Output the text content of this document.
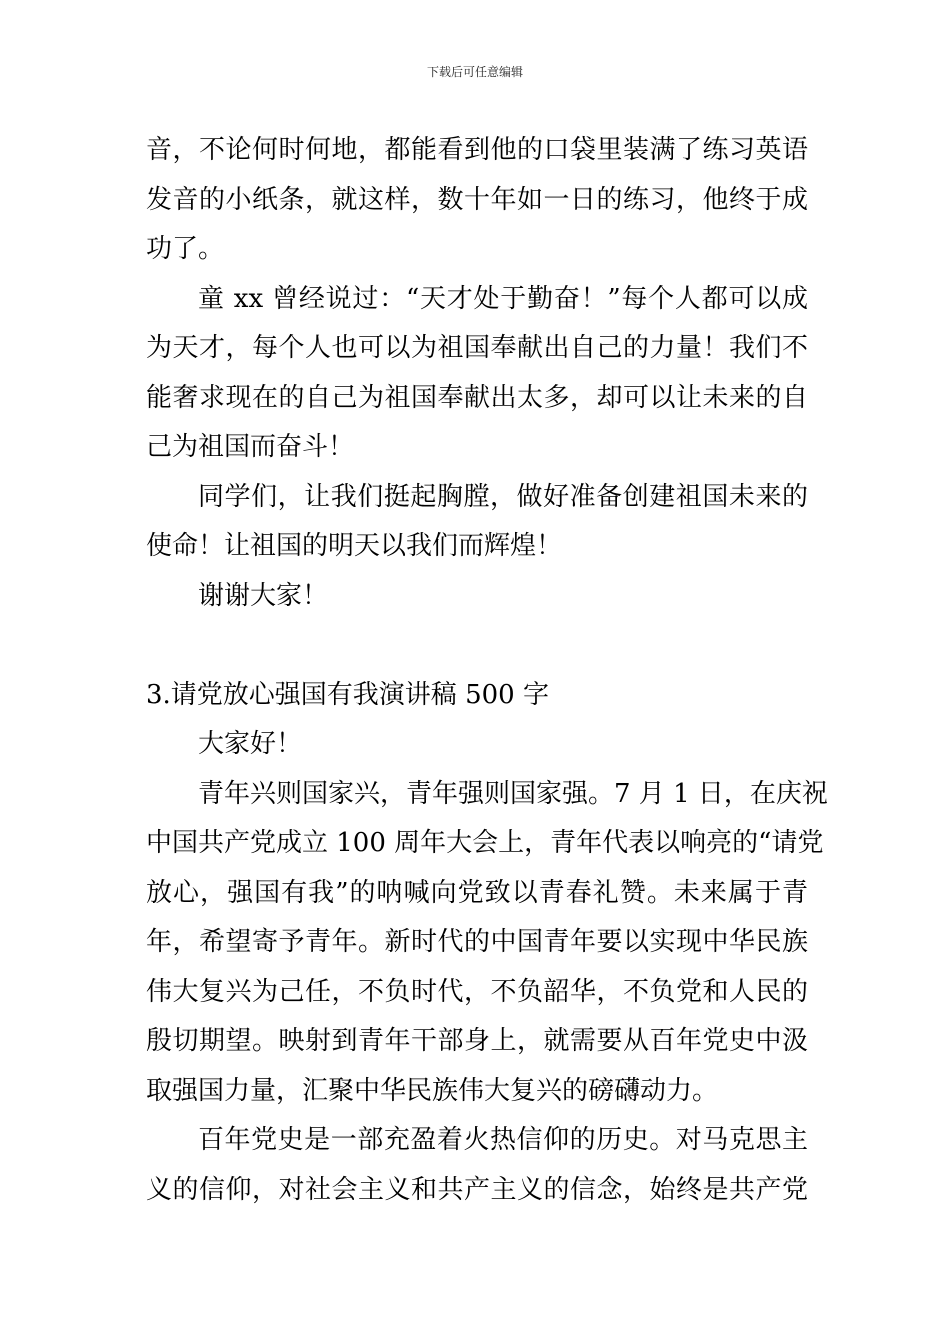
下载后可任意编辑
音，不论何时何地，都能看到他的口袋里装满了练习英语
发音的小纸条，就这样，数十年如一日的练习，他终于成
功了。
童 xx 曾经说过：“天才处于勤奋！”每个人都可以成
为天才，每个人也可以为祖国奉献出自己的力量！我们不
能奢求现在的自己为祖国奉献出太多，却可以让未来的自
己为祖国而奋斗！
同学们，让我们挺起胸膛，做好准备创建祖国未来的
使命！让祖国的明天以我们而辉煌！
谢谢大家！
3.请党放心强国有我演讲稿 500 字
大家好！
青年兴则国家兴，青年强则国家强。7 月 1 日，在庆祝
中国共产党成立 100 周年大会上，青年代表以响亮的“请党
放心，强国有我”的呐喊向党致以青春礼赞。未来属于青
年，希望寄予青年。新时代的中国青年要以实现中华民族
伟大复兴为己任，不负时代，不负韶华，不负党和人民的
殷切期望。映射到青年干部身上，就需要从百年党史中汲
取强国力量，汇聚中华民族伟大复兴的磅礴动力。
百年党史是一部充盈着火热信仰的历史。对马克思主
义的信仰，对社会主义和共产主义的信念，始终是共产党
